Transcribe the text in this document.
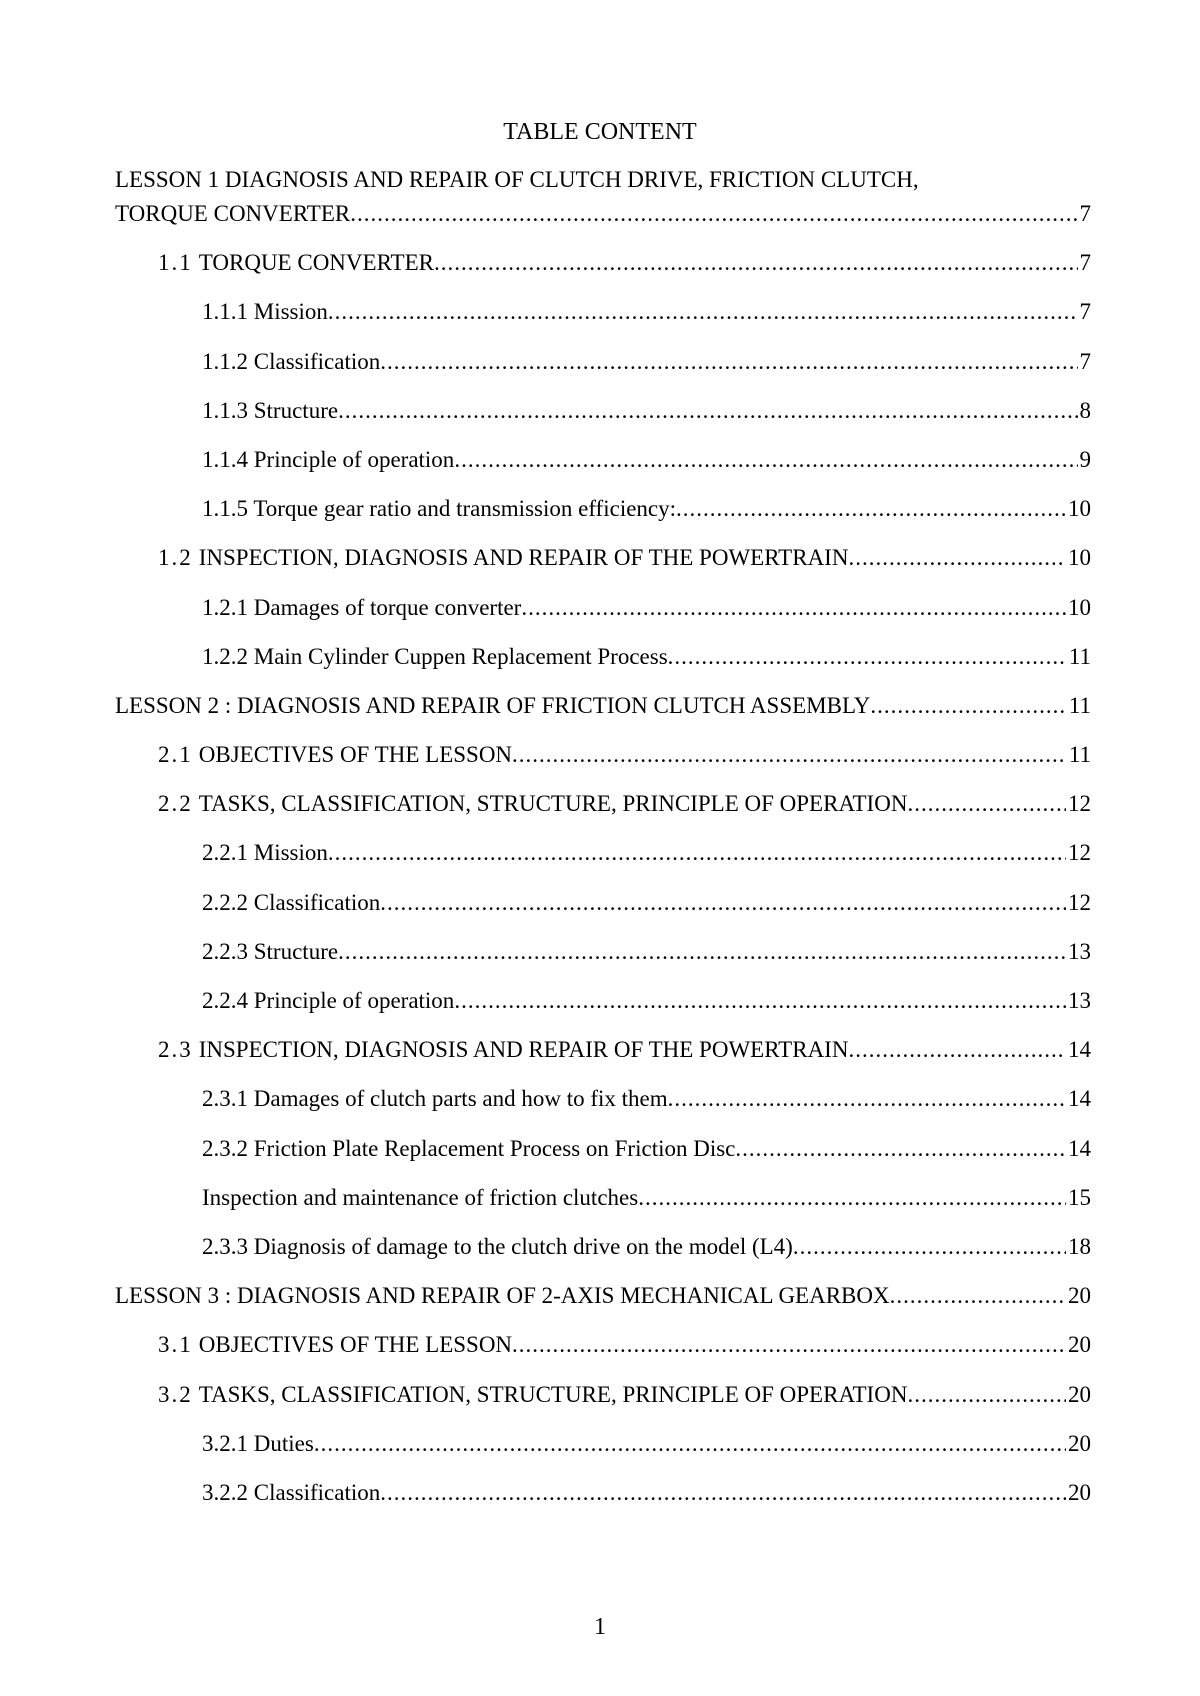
TABLE CONTENT
LESSON 1 DIAGNOSIS AND REPAIR OF CLUTCH DRIVE, FRICTION CLUTCH,
TORQUE CONVERTER .....	7
1.1 TORQUE CONVERTER .....	7
1.1.1 Mission .....	7
1.1.2 Classification .....	7
1.1.3 Structure .....	8
1.1.4 Principle of operation .....	9
1.1.5 Torque gear ratio and transmission efficiency: .....	10
1.2 INSPECTION, DIAGNOSIS AND REPAIR OF THE POWERTRAIN .....	10
1.2.1 Damages of torque converter .....	10
1.2.2 Main Cylinder Cuppen Replacement Process .....	11
LESSON 2 : DIAGNOSIS AND REPAIR OF FRICTION CLUTCH ASSEMBLY .....	11
2.1 OBJECTIVES OF THE LESSON .....	11
2.2 TASKS, CLASSIFICATION, STRUCTURE, PRINCIPLE OF OPERATION .....	12
2.2.1 Mission .....	12
2.2.2 Classification .....	12
2.2.3 Structure .....	13
2.2.4 Principle of operation .....	13
2.3 INSPECTION, DIAGNOSIS AND REPAIR OF THE POWERTRAIN .....	14
2.3.1 Damages of clutch parts and how to fix them .....	14
2.3.2 Friction Plate Replacement Process on Friction Disc .....	14
Inspection and maintenance of friction clutches .....	15
2.3.3 Diagnosis of damage to the clutch drive on the model (L4) .....	18
LESSON 3 : DIAGNOSIS AND REPAIR OF 2-AXIS MECHANICAL GEARBOX .....	20
3.1 OBJECTIVES OF THE LESSON .....	20
3.2 TASKS, CLASSIFICATION, STRUCTURE, PRINCIPLE OF OPERATION .....	20
3.2.1 Duties .....	20
3.2.2 Classification .....	20
1
